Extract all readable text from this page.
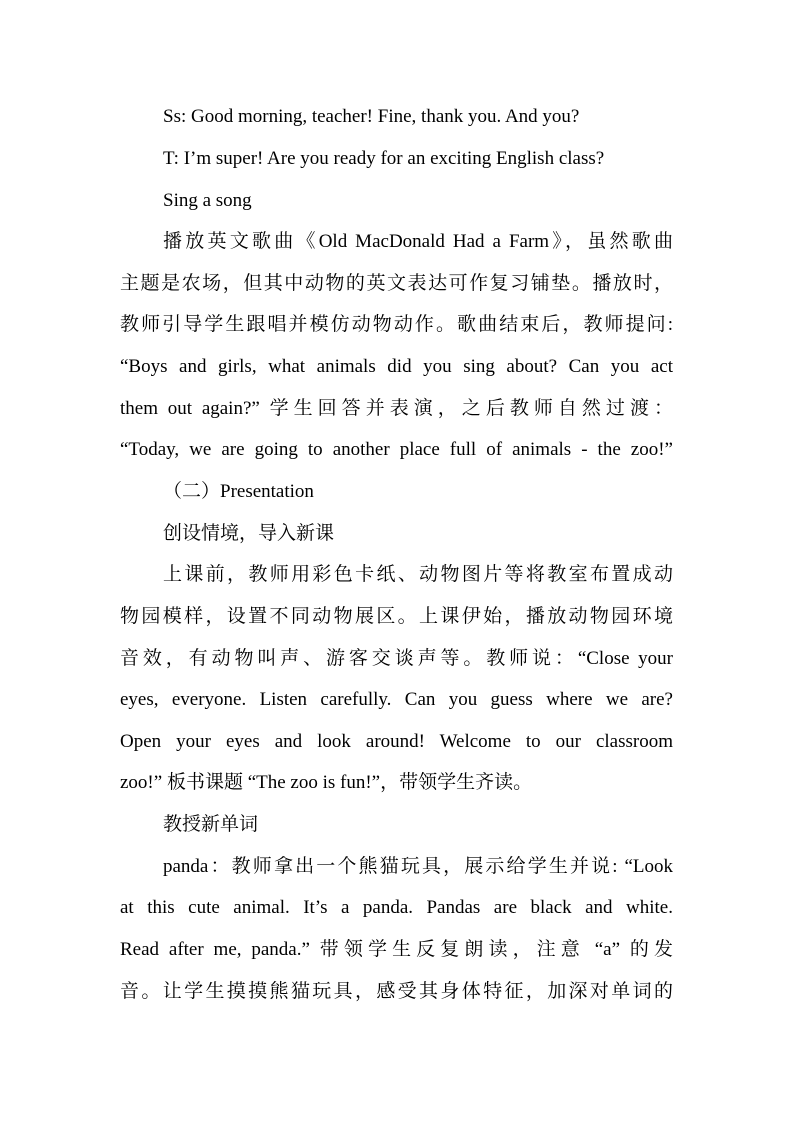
Ss: Good morning, teacher! Fine, thank you. And you?
T: I’m super! Are you ready for an exciting English class?
Sing a song
播放英文歌曲《Old MacDonald Had a Farm》，虽然歌曲
主题是农场，但其中动物的英文表达可作复习铺垫。播放时，
教师引导学生跟唱并模仿动物动作。歌曲结束后，教师提问:
“Boys and girls, what animals did you sing about? Can you act
them out again?” 学生回答并表演，之后教师自然过渡：
“Today, we are going to another place full of animals - the zoo!”
（二）Presentation
创设情境，导入新课
上课前，教师用彩色卡纸、动物图片等将教室布置成动
物园模样，设置不同动物展区。上课伊始，播放动物园环境
音效，有动物叫声、游客交谈声等。教师说：“Close your
eyes, everyone. Listen carefully. Can you guess where we are?
Open your eyes and look around! Welcome to our classroom
zoo!” 板书课题 “The zoo is fun!”，带领学生齐读。
教授新单词
panda：教师拿出一个熊猫玩具，展示给学生并说: “Look
at this cute animal. It’s a panda. Pandas are black and white.
Read after me, panda.” 带领学生反复朗读，注意 “a” 的发
音。让学生摸摸熊猫玩具，感受其身体特征，加深对单词的
